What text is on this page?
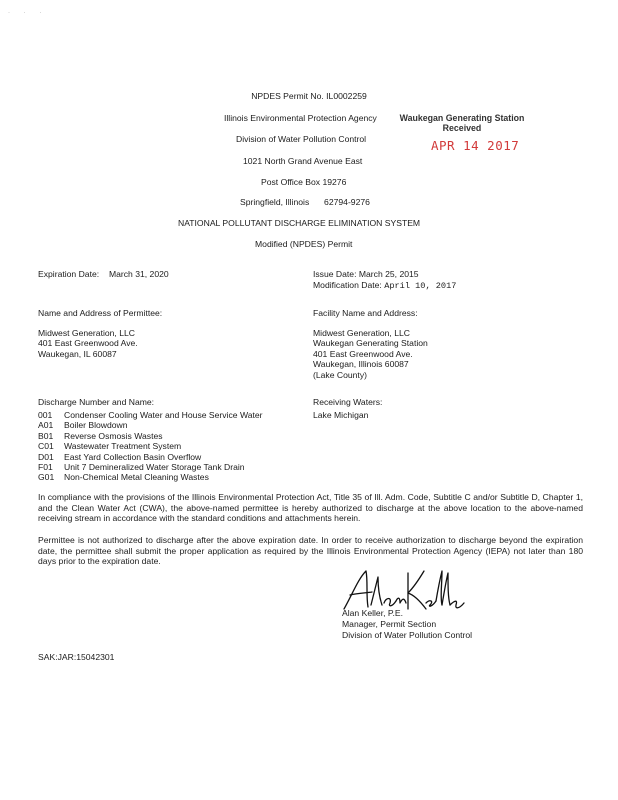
· · ·
NPDES Permit No. IL0002259
Illinois Environmental Protection Agency
Division of Water Pollution Control
1021 North Grand Avenue East
Post Office Box 19276
Springfield, Illinois 62794-9276
NATIONAL POLLUTANT DISCHARGE ELIMINATION SYSTEM
Modified (NPDES) Permit
Waukegan Generating Station
Received
APR 14 2017
Expiration Date: March 31, 2020	Issue Date: March 25, 2015
Modification Date: April 10, 2017
Name and Address of Permittee:
Midwest Generation, LLC
401 East Greenwood Ave.
Waukegan, IL 60087
Facility Name and Address:
Midwest Generation, LLC
Waukegan Generating Station
401 East Greenwood Ave.
Waukegan, Illinois 60087
(Lake County)
Discharge Number and Name:
001 Condenser Cooling Water and House Service Water
A01 Boiler Blowdown
B01 Reverse Osmosis Wastes
C01 Wastewater Treatment System
D01 East Yard Collection Basin Overflow
F01 Unit 7 Demineralized Water Storage Tank Drain
G01 Non-Chemical Metal Cleaning Wastes
Receiving Waters:
Lake Michigan
In compliance with the provisions of the Illinois Environmental Protection Act, Title 35 of Ill. Adm. Code, Subtitle C and/or Subtitle D, Chapter 1, and the Clean Water Act (CWA), the above-named permittee is hereby authorized to discharge at the above location to the above-named receiving stream in accordance with the standard conditions and attachments herein.
Permittee is not authorized to discharge after the above expiration date. In order to receive authorization to discharge beyond the expiration date, the permittee shall submit the proper application as required by the Illinois Environmental Protection Agency (IEPA) not later than 180 days prior to the expiration date.
Alan Keller, P.E.
Manager, Permit Section
Division of Water Pollution Control
SAK:JAR:15042301
